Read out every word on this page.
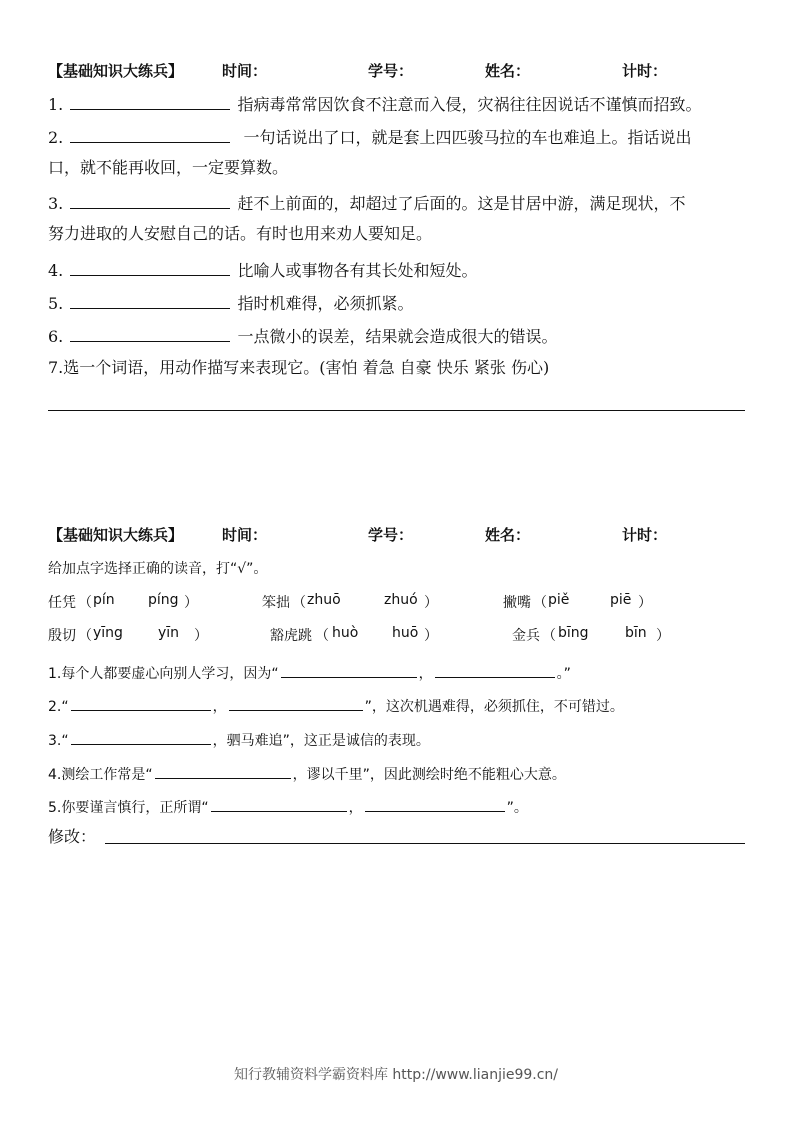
【基础知识大练兵】	时间：	学号：	姓名：	计时：
1.	指病毒常常因饮食不注意而入侵，灾祸往往因说话不谨慎而招致。
2.	一句话说出了口，就是套上四匹骏马拉的车也难追上。指话说出
口，就不能再收回，一定要算数。
3.	赶不上前面的，却超过了后面的。这是甘居中游，满足现状，不
努力进取的人安慰自己的话。有时也用来劝人要知足。
4.	比喻人或事物各有其长处和短处。
5.	指时机难得，必须抓紧。
6.	一点微小的误差，结果就会造成很大的错误。
7.选一个词语，用动作描写来表现它。(害怕 着急 自豪 快乐 紧张 伤心)
【基础知识大练兵】	时间：	学号：	姓名：	计时：
给加点字选择正确的读音，打“√”。
任凭 （ pín píng ）	笨拙 （ zhuō	zhuó ）	撇嘴 （ piě	piē ）
殷切 （ yīng	yīn ）	豁虎跳 （ huò huō ）	金兵 （ bīng	bīn ）
1.每个人都要虚心向别人学习，因为“	，	。”
2.“	，	”，这次机遇难得，必须抓住，不可错过。
3.“	，驷马难追”，这正是诚信的表现。
4.测绘工作常是“	，谬以千里”，因此测绘时绝不能粗心大意。
5.你要谨言慎行，正所谓“	，	”。
修改：
知行教辅资料学霸资料库 http://www.lianjie99.cn/
